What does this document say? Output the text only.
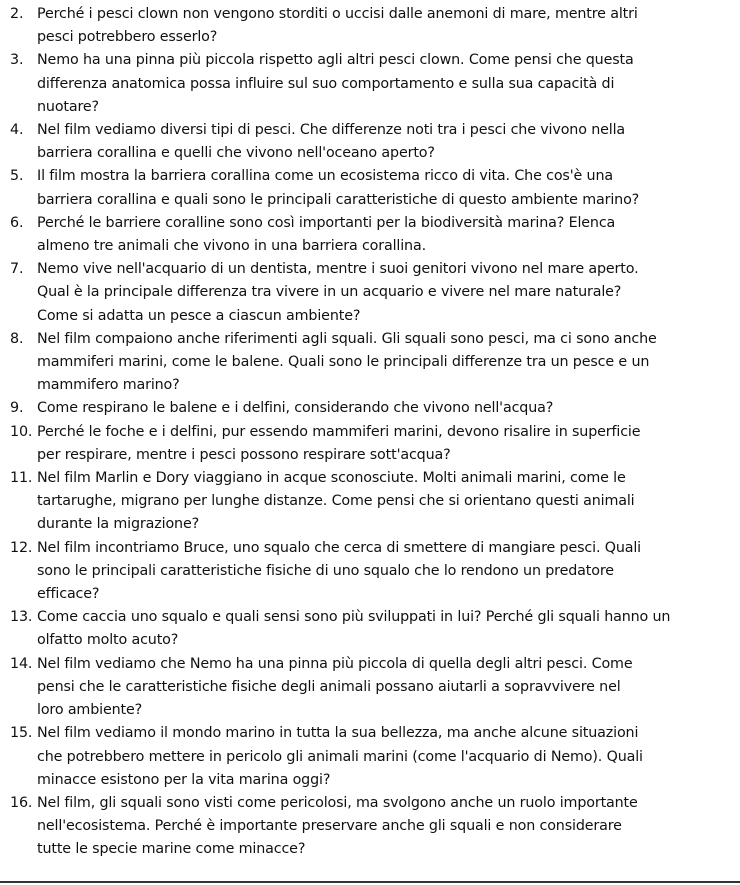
2. Perché i pesci clown non vengono storditi o uccisi dalle anemoni di mare, mentre altri
pesci potrebbero esserlo?
3. Nemo ha una pinna più piccola rispetto agli altri pesci clown. Come pensi che questa
differenza anatomica possa influire sul suo comportamento e sulla sua capacità di
nuotare?
4. Nel film vediamo diversi tipi di pesci. Che differenze noti tra i pesci che vivono nella
barriera corallina e quelli che vivono nell'oceano aperto?
5. Il film mostra la barriera corallina come un ecosistema ricco di vita. Che cos'è una
barriera corallina e quali sono le principali caratteristiche di questo ambiente marino?
6. Perché le barriere coralline sono così importanti per la biodiversità marina? Elenca
almeno tre animali che vivono in una barriera corallina.
7. Nemo vive nell'acquario di un dentista, mentre i suoi genitori vivono nel mare aperto.
Qual è la principale differenza tra vivere in un acquario e vivere nel mare naturale?
Come si adatta un pesce a ciascun ambiente?
8. Nel film compaiono anche riferimenti agli squali. Gli squali sono pesci, ma ci sono anche
mammiferi marini, come le balene. Quali sono le principali differenze tra un pesce e un
mammifero marino?
9. Come respirano le balene e i delfini, considerando che vivono nell'acqua?
10. Perché le foche e i delfini, pur essendo mammiferi marini, devono risalire in superficie
per respirare, mentre i pesci possono respirare sott'acqua?
11. Nel film Marlin e Dory viaggiano in acque sconosciute. Molti animali marini, come le
tartarughe, migrano per lunghe distanze. Come pensi che si orientano questi animali
durante la migrazione?
12. Nel film incontriamo Bruce, uno squalo che cerca di smettere di mangiare pesci. Quali
sono le principali caratteristiche fisiche di uno squalo che lo rendono un predatore
efficace?
13. Come caccia uno squalo e quali sensi sono più sviluppati in lui? Perché gli squali hanno un
olfatto molto acuto?
14. Nel film vediamo che Nemo ha una pinna più piccola di quella degli altri pesci. Come
pensi che le caratteristiche fisiche degli animali possano aiutarli a sopravvivere nel
loro ambiente?
15. Nel film vediamo il mondo marino in tutta la sua bellezza, ma anche alcune situazioni
che potrebbero mettere in pericolo gli animali marini (come l'acquario di Nemo). Quali
minacce esistono per la vita marina oggi?
16. Nel film, gli squali sono visti come pericolosi, ma svolgono anche un ruolo importante
nell'ecosistema. Perché è importante preservare anche gli squali e non considerare
tutte le specie marine come minacce?
